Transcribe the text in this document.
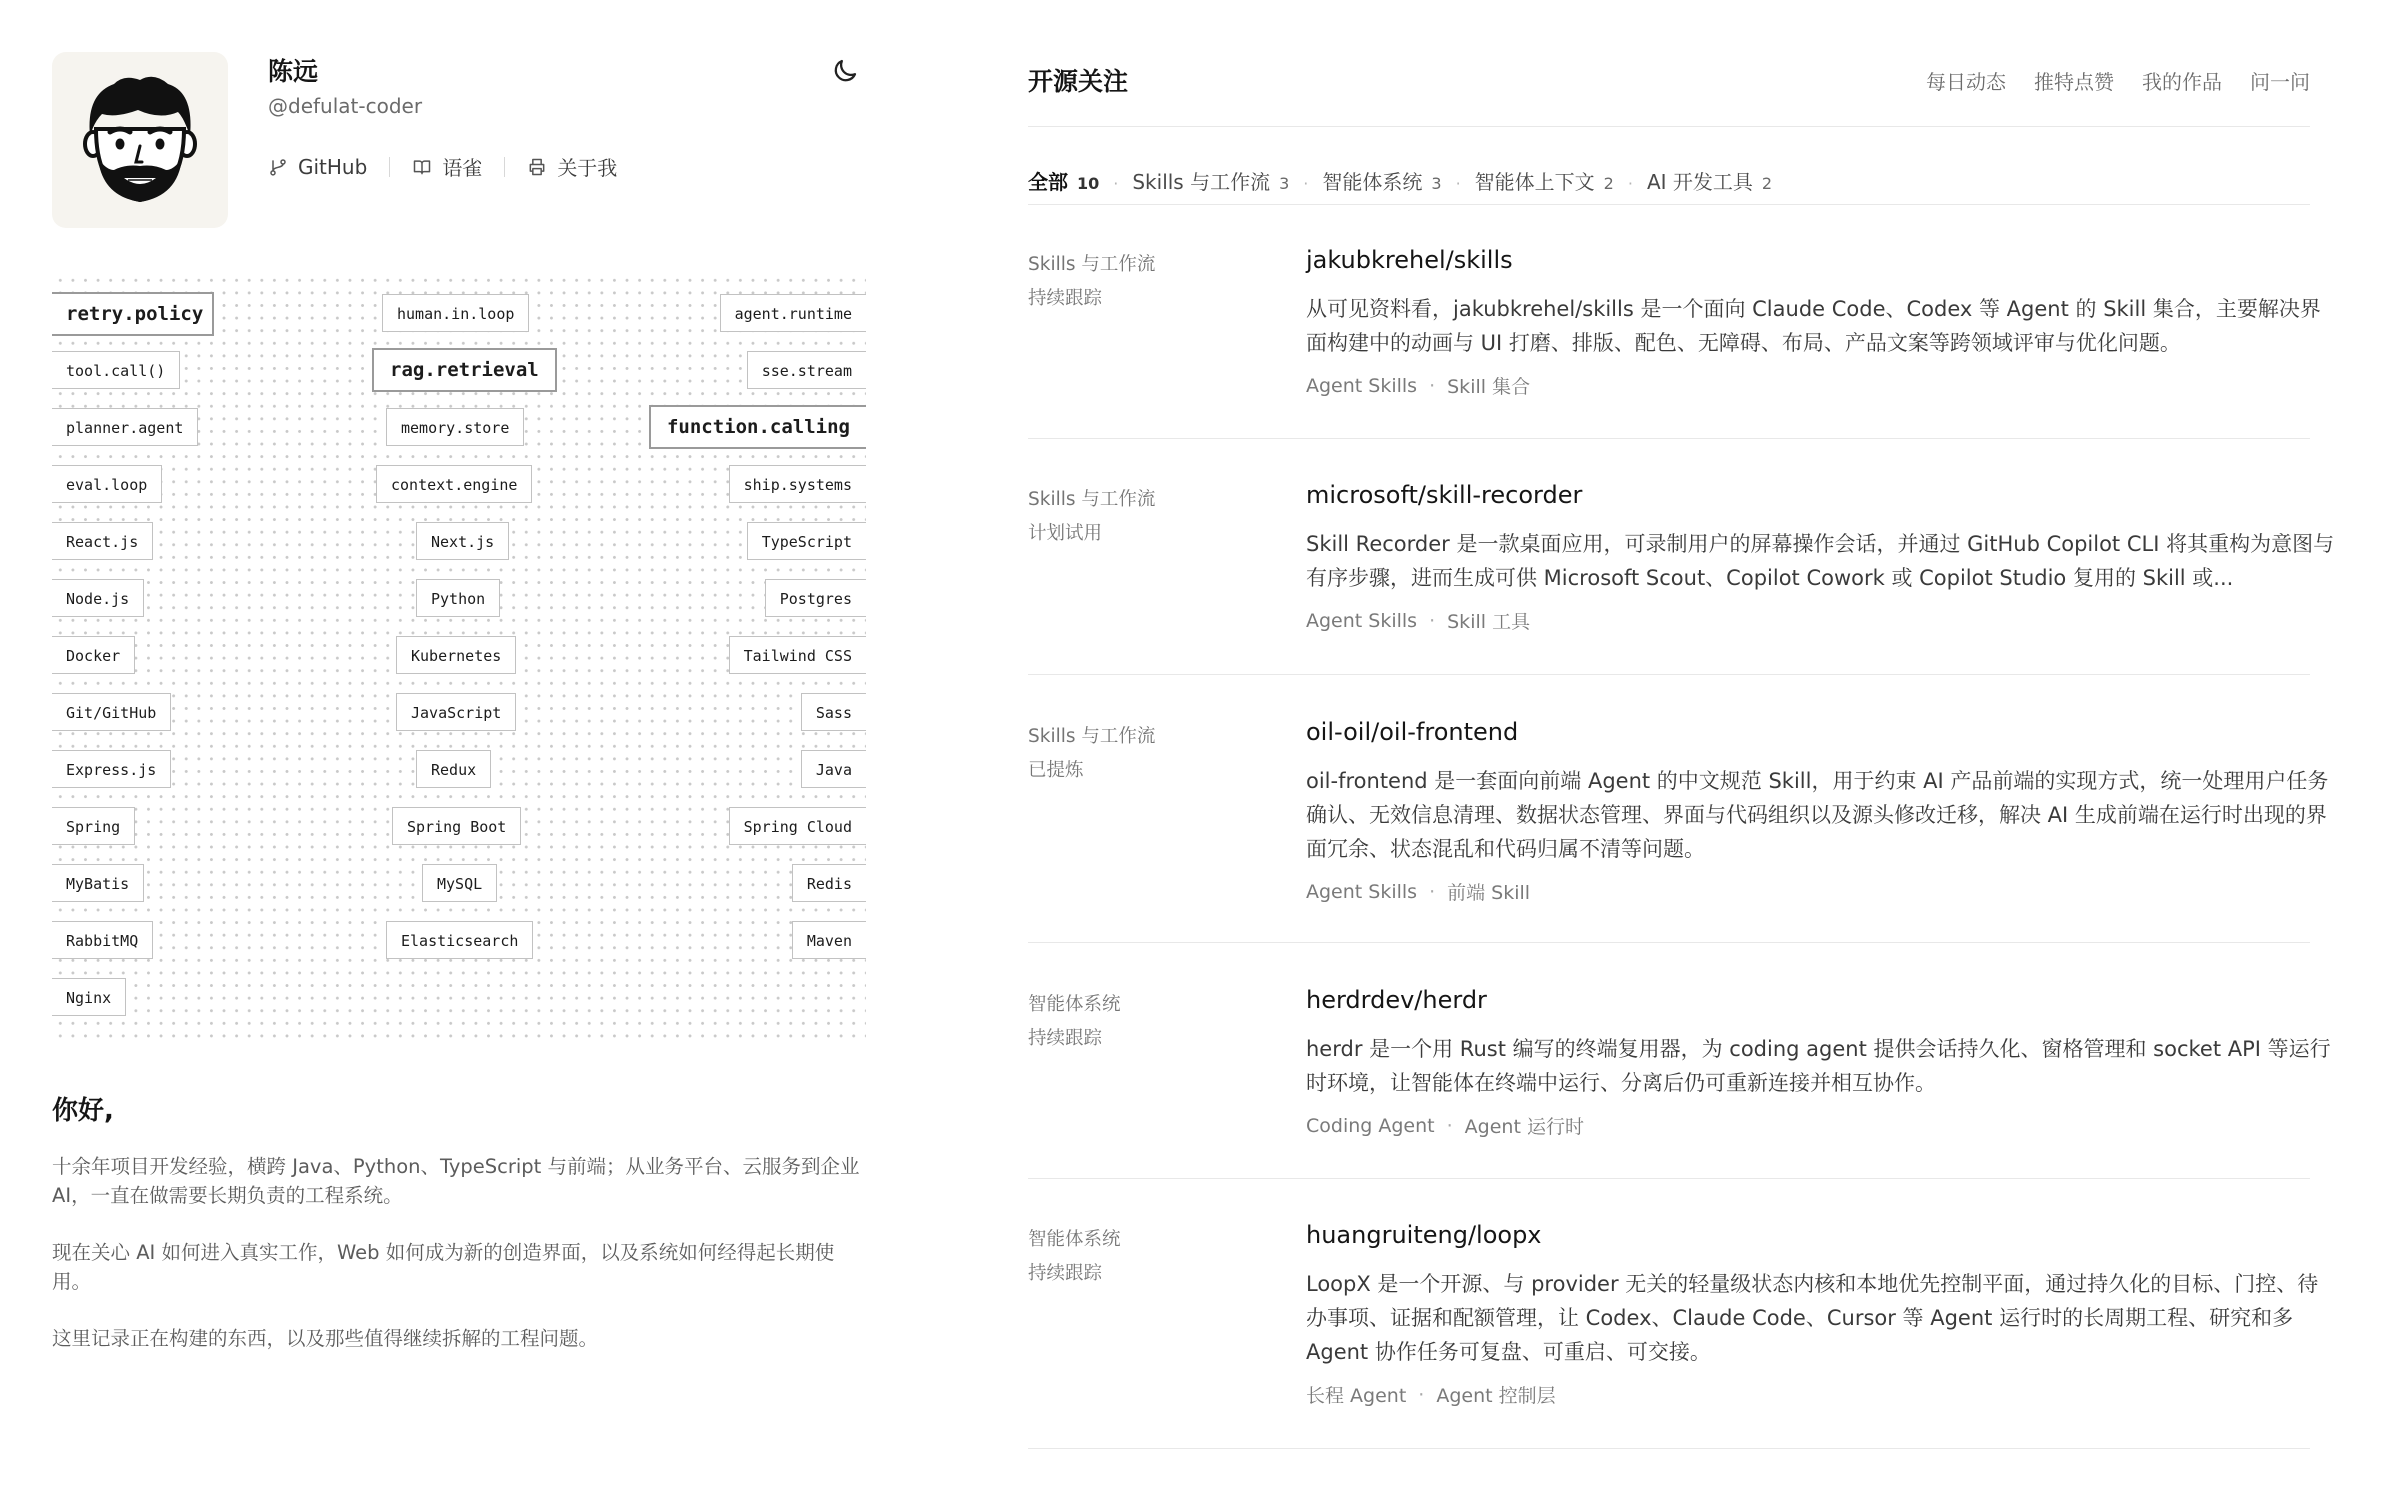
陈远
@defulat-coder
GitHub	语雀	关于我
retry.policy	human.in.loop	agent.runtime
tool.call()	rag.retrieval	sse.stream
planner.agent	memory.store	function.calling
eval.loop	context.engine	ship.systems
React.js	Next.js	TypeScript
Node.js	Python	Postgres
Docker	Kubernetes	Tailwind CSS
Git/GitHub	JavaScript	Sass
Express.js	Redux	Java
Spring	Spring Boot	Spring Cloud
MyBatis	MySQL	Redis
RabbitMQ	Elasticsearch	Maven
Nginx
你好,
十余年项目开发经验，横跨 Java、Python、TypeScript 与前端；从业务平台、云服务到企业 AI，一直在做需要长期负责的工程系统。
现在关心 AI 如何进入真实工作，Web 如何成为新的创造界面，以及系统如何经得起长期使用。
这里记录正在构建的东西，以及那些值得继续拆解的工程问题。
开源关注	每日动态 推特点赞 我的作品 问一问
全部 10 · Skills 与工作流 3 · 智能体系统 3 · 智能体上下文 2 · AI 开发工具 2
Skills 与工作流
持续跟踪
jakubkrehel/skills
从可见资料看，jakubkrehel/skills 是一个面向 Claude Code、Codex 等 Agent 的 Skill 集合，主要解决界面构建中的动画与 UI 打磨、排版、配色、无障碍、布局、产品文案等跨领域评审与优化问题。
Agent Skills · Skill 集合
Skills 与工作流
计划试用
microsoft/skill-recorder
Skill Recorder 是一款桌面应用，可录制用户的屏幕操作会话，并通过 GitHub Copilot CLI 将其重构为意图与有序步骤，进而生成可供 Microsoft Scout、Copilot Cowork 或 Copilot Studio 复用的 Skill 或...
Agent Skills · Skill 工具
Skills 与工作流
已提炼
oil-oil/oil-frontend
oil-frontend 是一套面向前端 Agent 的中文规范 Skill，用于约束 AI 产品前端的实现方式，统一处理用户任务确认、无效信息清理、数据状态管理、界面与代码组织以及源头修改迁移，解决 AI 生成前端在运行时出现的界面冗余、状态混乱和代码归属不清等问题。
Agent Skills · 前端 Skill
智能体系统
持续跟踪
herdrdev/herdr
herdr 是一个用 Rust 编写的终端复用器，为 coding agent 提供会话持久化、窗格管理和 socket API 等运行时环境，让智能体在终端中运行、分离后仍可重新连接并相互协作。
Coding Agent · Agent 运行时
智能体系统
持续跟踪
huangruiteng/loopx
LoopX 是一个开源、与 provider 无关的轻量级状态内核和本地优先控制平面，通过持久化的目标、门控、待办事项、证据和配额管理，让 Codex、Claude Code、Cursor 等 Agent 运行时的长周期工程、研究和多 Agent 协作任务可复盘、可重启、可交接。
长程 Agent · Agent 控制层
